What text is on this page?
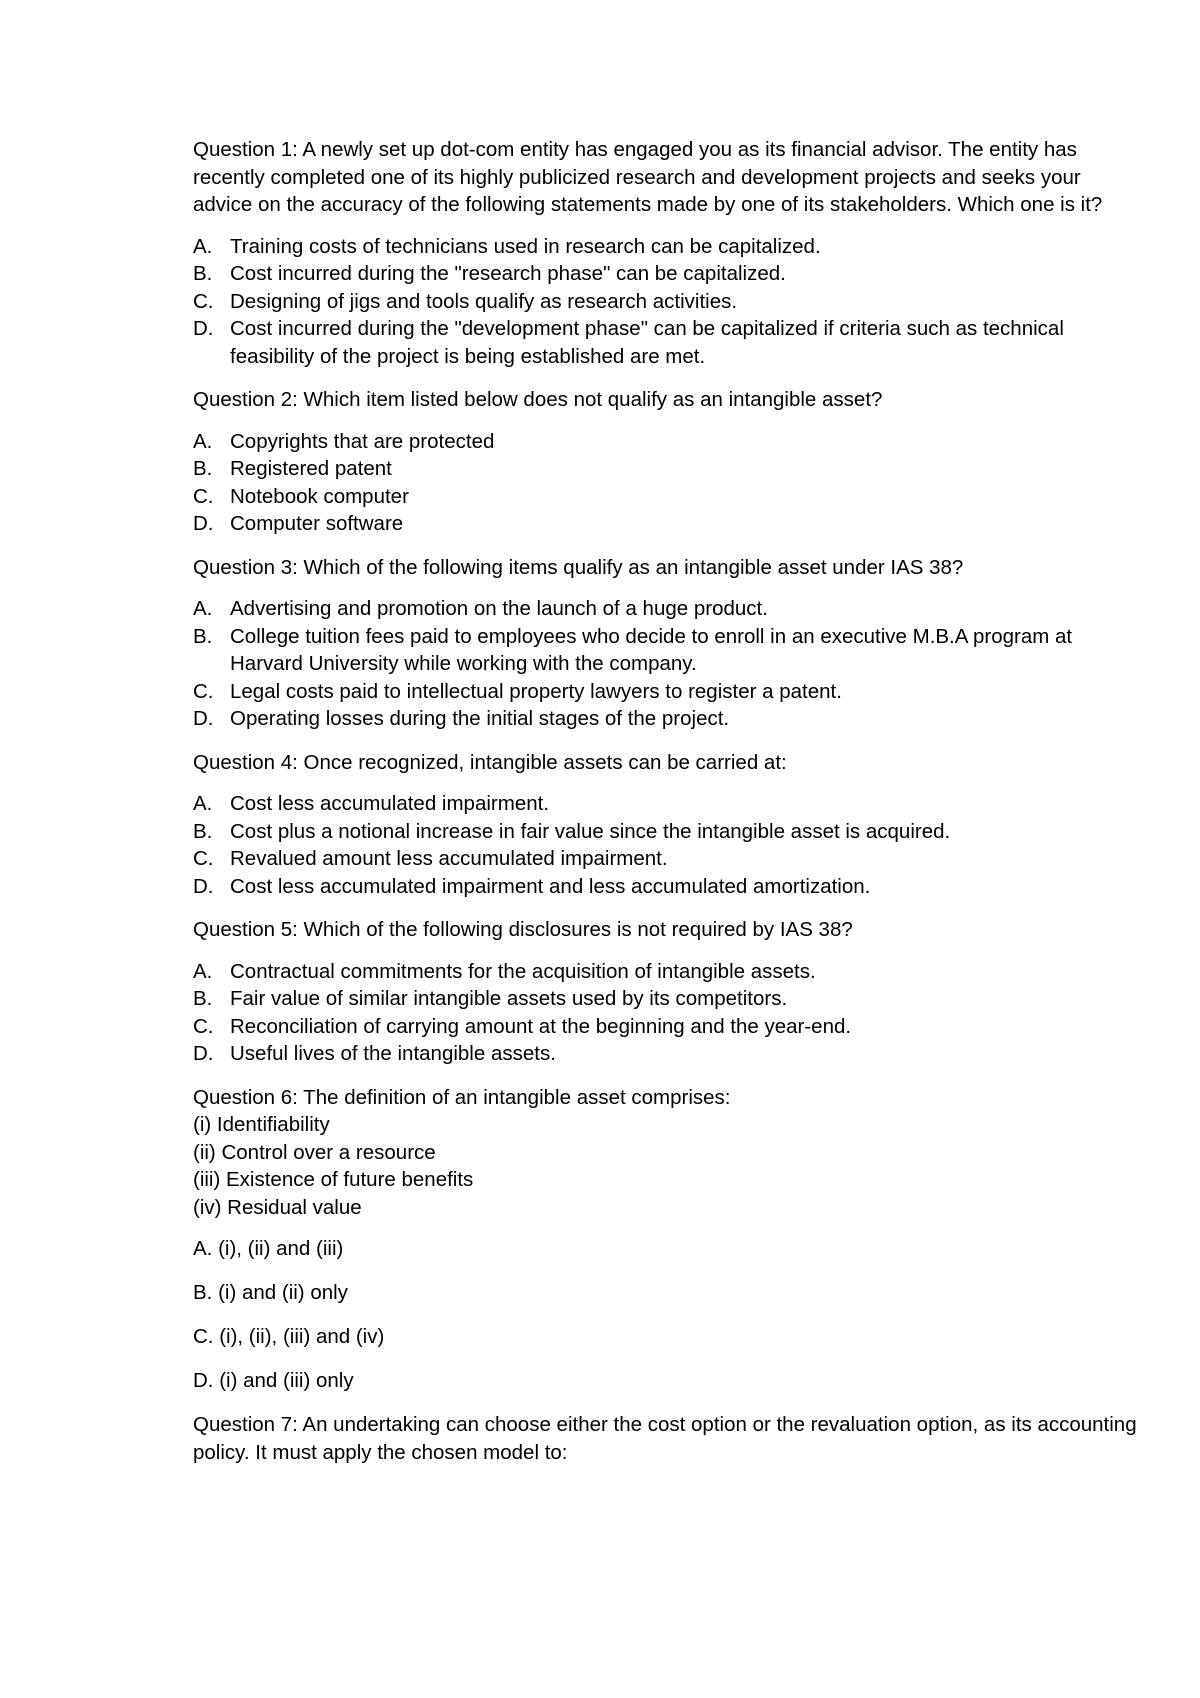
Question 1: A newly set up dot-com entity has engaged you as its financial advisor. The entity has recently completed one of its highly publicized research and development projects and seeks your advice on the accuracy of the following statements made by one of its stakeholders. Which one is it?
A. Training costs of technicians used in research can be capitalized.
B. Cost incurred during the "research phase" can be capitalized.
C. Designing of jigs and tools qualify as research activities.
D. Cost incurred during the "development phase" can be capitalized if criteria such as technical feasibility of the project is being established are met.
Question 2: Which item listed below does not qualify as an intangible asset?
A. Copyrights that are protected
B. Registered patent
C. Notebook computer
D. Computer software
Question 3: Which of the following items qualify as an intangible asset under IAS 38?
A. Advertising and promotion on the launch of a huge product.
B. College tuition fees paid to employees who decide to enroll in an executive M.B.A program at Harvard University while working with the company.
C. Legal costs paid to intellectual property lawyers to register a patent.
D. Operating losses during the initial stages of the project.
Question 4: Once recognized, intangible assets can be carried at:
A. Cost less accumulated impairment.
B. Cost plus a notional increase in fair value since the intangible asset is acquired.
C. Revalued amount less accumulated impairment.
D. Cost less accumulated impairment and less accumulated amortization.
Question 5: Which of the following disclosures is not required by IAS 38?
A. Contractual commitments for the acquisition of intangible assets.
B. Fair value of similar intangible assets used by its competitors.
C. Reconciliation of carrying amount at the beginning and the year-end.
D. Useful lives of the intangible assets.
Question 6: The definition of an intangible asset comprises:
(i) Identifiability
(ii) Control over a resource
(iii) Existence of future benefits
(iv) Residual value
A. (i), (ii) and (iii)
B. (i) and (ii) only
C. (i), (ii), (iii) and (iv)
D. (i) and (iii) only
Question 7: An undertaking can choose either the cost option or the revaluation option, as its accounting policy. It must apply the chosen model to:
